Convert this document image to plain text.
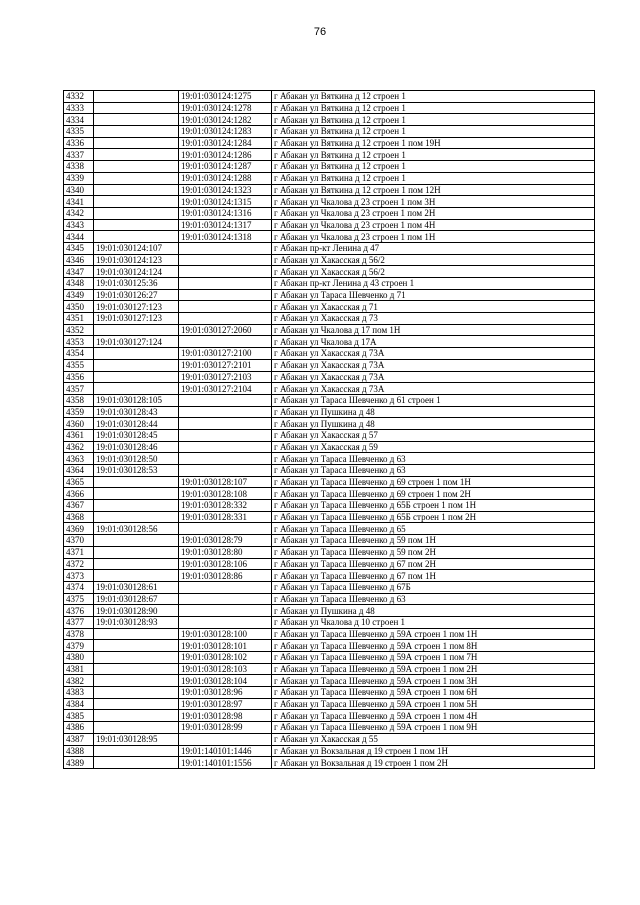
76
4332		19:01:030124:1275	г Абакан ул Вяткина д 12 строен 1
4333		19:01:030124:1278	г Абакан ул Вяткина д 12 строен 1
4334		19:01:030124:1282	г Абакан ул Вяткина д 12 строен 1
4335		19:01:030124:1283	г Абакан ул Вяткина д 12 строен 1
4336		19:01:030124:1284	г Абакан ул Вяткина д 12 строен 1 пом 19Н
4337		19:01:030124:1286	г Абакан ул Вяткина д 12 строен 1
4338		19:01:030124:1287	г Абакан ул Вяткина д 12 строен 1
4339		19:01:030124:1288	г Абакан ул Вяткина д 12 строен 1
4340		19:01:030124:1323	г Абакан ул Вяткина д 12 строен 1 пом 12Н
4341		19:01:030124:1315	г Абакан ул Чкалова д 23 строен 1 пом 3Н
4342		19:01:030124:1316	г Абакан ул Чкалова д 23 строен 1 пом 2Н
4343		19:01:030124:1317	г Абакан ул Чкалова д 23 строен 1 пом 4Н
4344		19:01:030124:1318	г Абакан ул Чкалова д 23 строен 1 пом 1Н
4345	19:01:030124:107		г Абакан пр-кт Ленина д 47
4346	19:01:030124:123		г Абакан ул Хакасская д 56/2
4347	19:01:030124:124		г Абакан ул Хакасская д 56/2
4348	19:01:030125:36		г Абакан пр-кт Ленина д 43 строен 1
4349	19:01:030126:27		г Абакан ул Тараса Шевченко д 71
4350	19:01:030127:123		г Абакан ул Хакасская д 71
4351	19:01:030127:123		г Абакан ул Хакасская д 73
4352		19:01:030127:2060	г Абакан ул Чкалова д 17 пом 1Н
4353	19:01:030127:124		г Абакан ул Чкалова д 17А
4354		19:01:030127:2100	г Абакан ул Хакасская д 73А
4355		19:01:030127:2101	г Абакан ул Хакасская д 73А
4356		19:01:030127:2103	г Абакан ул Хакасская д 73А
4357		19:01:030127:2104	г Абакан ул Хакасская д 73А
4358	19:01:030128:105		г Абакан ул Тараса Шевченко д 61 строен 1
4359	19:01:030128:43		г Абакан ул Пушкина д 48
4360	19:01:030128:44		г Абакан ул Пушкина д 48
4361	19:01:030128:45		г Абакан ул Хакасская д 57
4362	19:01:030128:46		г Абакан ул Хакасская д 59
4363	19:01:030128:50		г Абакан ул Тараса Шевченко д 63
4364	19:01:030128:53		г Абакан ул Тараса Шевченко д 63
4365		19:01:030128:107	г Абакан ул Тараса Шевченко д 69 строен 1 пом 1Н
4366		19:01:030128:108	г Абакан ул Тараса Шевченко д 69 строен 1 пом 2Н
4367		19:01:030128:332	г Абакан ул Тараса Шевченко д 65Б строен 1 пом 1Н
4368		19:01:030128:331	г Абакан ул Тараса Шевченко д 65Б строен 1 пом 2Н
4369	19:01:030128:56		г Абакан ул Тараса Шевченко д 65
4370		19:01:030128:79	г Абакан ул Тараса Шевченко д 59 пом 1Н
4371		19:01:030128:80	г Абакан ул Тараса Шевченко д 59 пом 2Н
4372		19:01:030128:106	г Абакан ул Тараса Шевченко д 67 пом 2Н
4373		19:01:030128:86	г Абакан ул Тараса Шевченко д 67 пом 1Н
4374	19:01:030128:61		г Абакан ул Тараса Шевченко д 67Б
4375	19:01:030128:67		г Абакан ул Тараса Шевченко д 63
4376	19:01:030128:90		г Абакан ул Пушкина д 48
4377	19:01:030128:93		г Абакан ул Чкалова д 10 строен 1
4378		19:01:030128:100	г Абакан ул Тараса Шевченко д 59А строен 1 пом 1Н
4379		19:01:030128:101	г Абакан ул Тараса Шевченко д 59А строен 1 пом 8Н
4380		19:01:030128:102	г Абакан ул Тараса Шевченко д 59А строен 1 пом 7Н
4381		19:01:030128:103	г Абакан ул Тараса Шевченко д 59А строен 1 пом 2Н
4382		19:01:030128:104	г Абакан ул Тараса Шевченко д 59А строен 1 пом 3Н
4383		19:01:030128:96	г Абакан ул Тараса Шевченко д 59А строен 1 пом 6Н
4384		19:01:030128:97	г Абакан ул Тараса Шевченко д 59А строен 1 пом 5Н
4385		19:01:030128:98	г Абакан ул Тараса Шевченко д 59А строен 1 пом 4Н
4386		19:01:030128:99	г Абакан ул Тараса Шевченко д 59А строен 1 пом 9Н
4387	19:01:030128:95		г Абакан ул Хакасская д 55
4388		19:01:140101:1446	г Абакан ул Вокзальная д 19 строен 1 пом 1Н
4389		19:01:140101:1556	г Абакан ул Вокзальная д 19 строен 1 пом 2Н
